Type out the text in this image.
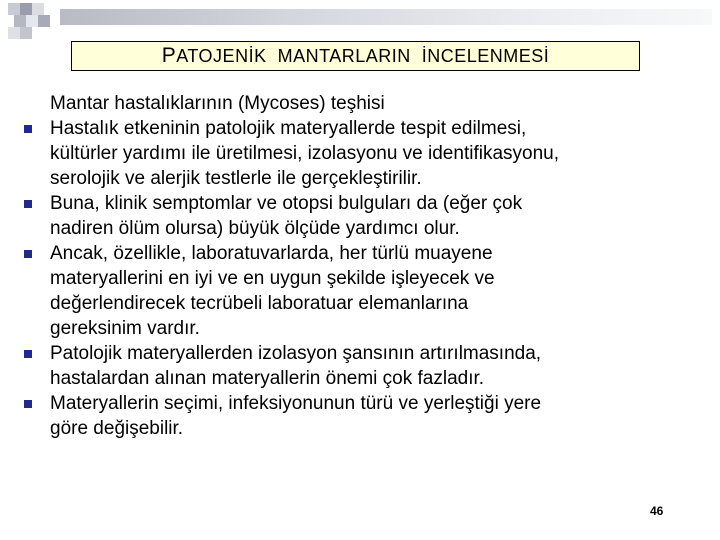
PATOJENİK  MANTARLARIN  İNCELENMESİ
Mantar hastalıklarının (Mycoses) teşhisi
Hastalık etkeninin patolojik materyallerde tespit edilmesi,
kültürler yardımı ile üretilmesi, izolasyonu ve identifikasyonu,
serolojik ve alerjik testlerle ile gerçekleştirilir.
Buna, klinik semptomlar ve otopsi bulguları da (eğer çok
nadiren ölüm olursa) büyük ölçüde yardımcı olur.
Ancak, özellikle, laboratuvarlarda, her türlü muayene
materyallerini en iyi ve en uygun şekilde işleyecek ve
değerlendirecek tecrübeli laboratuar elemanlarına
gereksinim vardır.
Patolojik materyallerden izolasyon şansının artırılmasında,
hastalardan alınan materyallerin önemi çok fazladır.
Materyallerin seçimi, infeksiyonunun türü ve yerleştiği yere
göre değişebilir.
46
